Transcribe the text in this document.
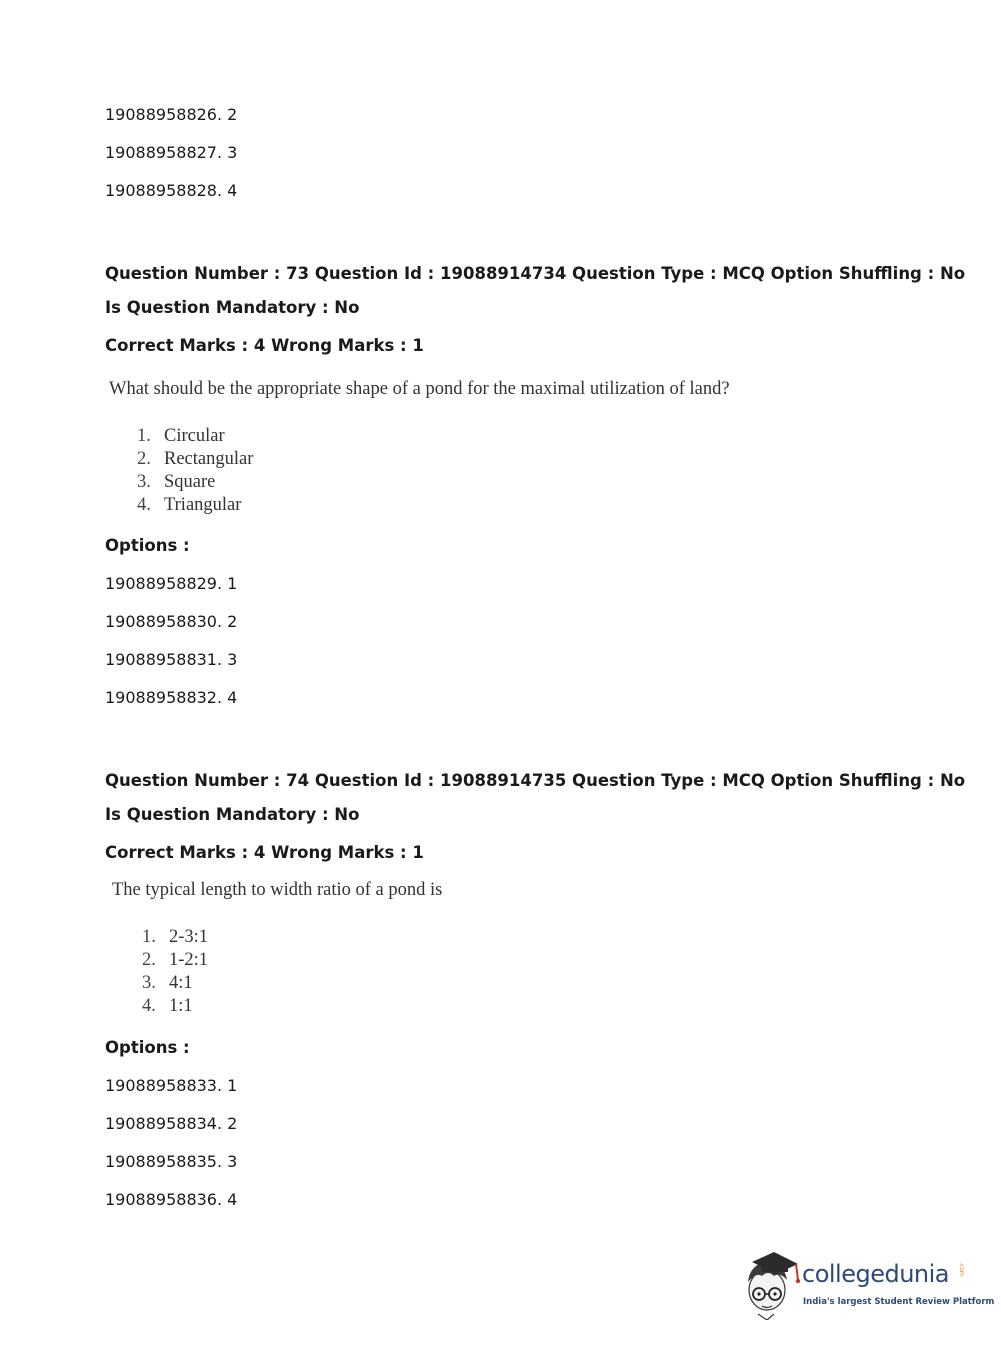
19088958826. 2
19088958827. 3
19088958828. 4
Question Number : 73 Question Id : 19088914734 Question Type : MCQ Option Shuffling : No
Is Question Mandatory : No
Correct Marks : 4 Wrong Marks : 1
What should be the appropriate shape of a pond for the maximal utilization of land?
1. Circular
2. Rectangular
3. Square
4. Triangular
Options :
19088958829. 1
19088958830. 2
19088958831. 3
19088958832. 4
Question Number : 74 Question Id : 19088914735 Question Type : MCQ Option Shuffling : No
Is Question Mandatory : No
Correct Marks : 4 Wrong Marks : 1
The typical length to width ratio of a pond is
1. 2-3:1
2. 1-2:1
3. 4:1
4. 1:1
Options :
19088958833. 1
19088958834. 2
19088958835. 3
19088958836. 4
collegedunia .com
India's largest Student Review Platform
